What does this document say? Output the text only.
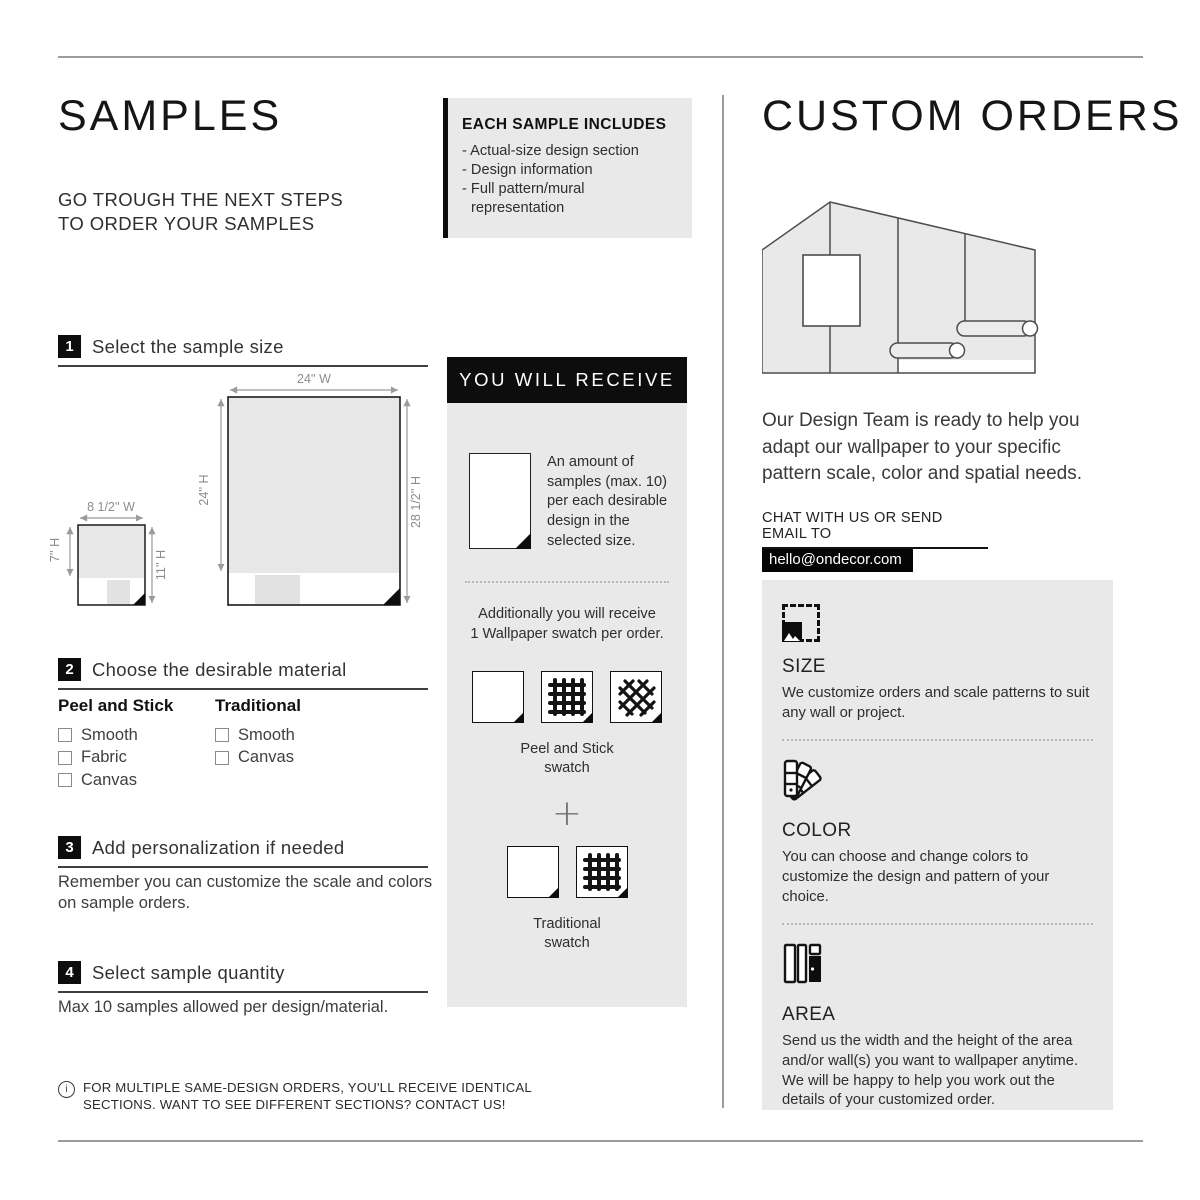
SAMPLES
GO TROUGH THE NEXT STEPS
TO ORDER YOUR SAMPLES
1 Select the sample size
24'' W
24'' H	28 1/2'' H
8 1/2'' W
7'' H	11'' H
2 Choose the desirable material
Peel and Stick
Smooth
Fabric
Canvas
Traditional
Smooth
Canvas
3 Add personalization if needed
Remember you can customize the scale and colors on sample orders.
4 Select sample quantity
Max 10 samples allowed per design/material.
i	FOR MULTIPLE SAME-DESIGN ORDERS, YOU'LL RECEIVE IDENTICAL
SECTIONS. WANT TO SEE DIFFERENT SECTIONS? CONTACT US!
EACH SAMPLE INCLUDES
- Actual-size design section
- Design information
- Full pattern/mural representation
YOU WILL RECEIVE
An amount of samples (max. 10) per each desirable design in the selected size.
Additionally you will receive
1 Wallpaper swatch per order.
Peel and Stick
swatch
+
Traditional
swatch
CUSTOM ORDERS
Our Design Team is ready to help you adapt our wallpaper to your specific pattern scale, color and spatial needs.
CHAT WITH US OR SEND EMAIL TO
hello@ondecor.com
SIZE
We customize orders and scale patterns to suit any wall or project.
COLOR
You can choose and change colors to customize the design and pattern of your choice.
AREA
Send us the width and the height of the area and/or wall(s) you want to wallpaper anytime. We will be happy to help you work out the details of your customized order.
